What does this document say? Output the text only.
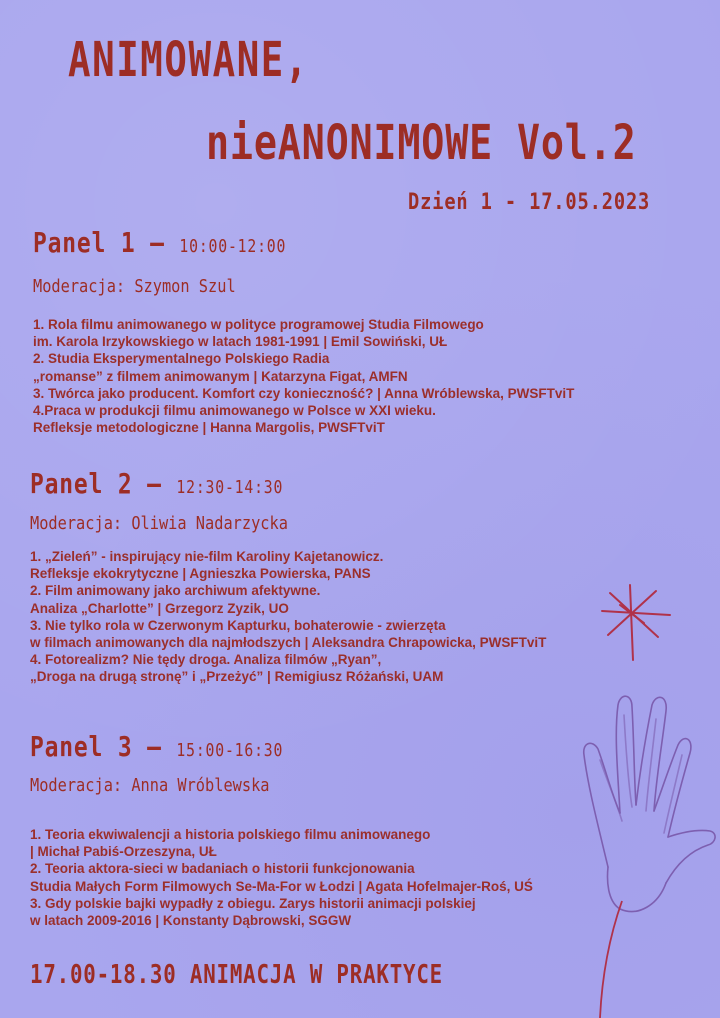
ANIMOWANE,
nieANONIMOWE Vol.2
Dzień 1 - 17.05.2023
Panel 1 – 10:00-12:00
Moderacja: Szymon Szul
1. Rola filmu animowanego w polityce programowej Studia Filmowego
im. Karola Irzykowskiego w latach 1981-1991 | Emil Sowiński, UŁ
2. Studia Eksperymentalnego Polskiego Radia
„romanse” z filmem animowanym | Katarzyna Figat, AMFN
3. Twórca jako producent. Komfort czy konieczność? | Anna Wróblewska, PWSFTviT
4.Praca w produkcji filmu animowanego w Polsce w XXI wieku.
Refleksje metodologiczne | Hanna Margolis, PWSFTviT
Panel 2 – 12:30-14:30
Moderacja: Oliwia Nadarzycka
1. „Zieleń” - inspirujący nie-film Karoliny Kajetanowicz.
Refleksje ekokrytyczne | Agnieszka Powierska, PANS
2. Film animowany jako archiwum afektywne.
Analiza „Charlotte” | Grzegorz Zyzik, UO
3. Nie tylko rola w Czerwonym Kapturku, bohaterowie - zwierzęta
w filmach animowanych dla najmłodszych | Aleksandra Chrapowicka, PWSFTviT
4. Fotorealizm? Nie tędy droga. Analiza filmów „Ryan”,
„Droga na drugą stronę” i „Przeżyć” | Remigiusz Różański, UAM
Panel 3 – 15:00-16:30
Moderacja: Anna Wróblewska
1. Teoria ekwiwalencji a historia polskiego filmu animowanego
| Michał Pabiś-Orzeszyna, UŁ
2. Teoria aktora-sieci w badaniach o historii funkcjonowania
Studia Małych Form Filmowych Se-Ma-For w Łodzi | Agata Hofelmajer-Roś, UŚ
3. Gdy polskie bajki wypadły z obiegu. Zarys historii animacji polskiej
w latach 2009-2016 | Konstanty Dąbrowski, SGGW
17.00-18.30 ANIMACJA W PRAKTYCE
